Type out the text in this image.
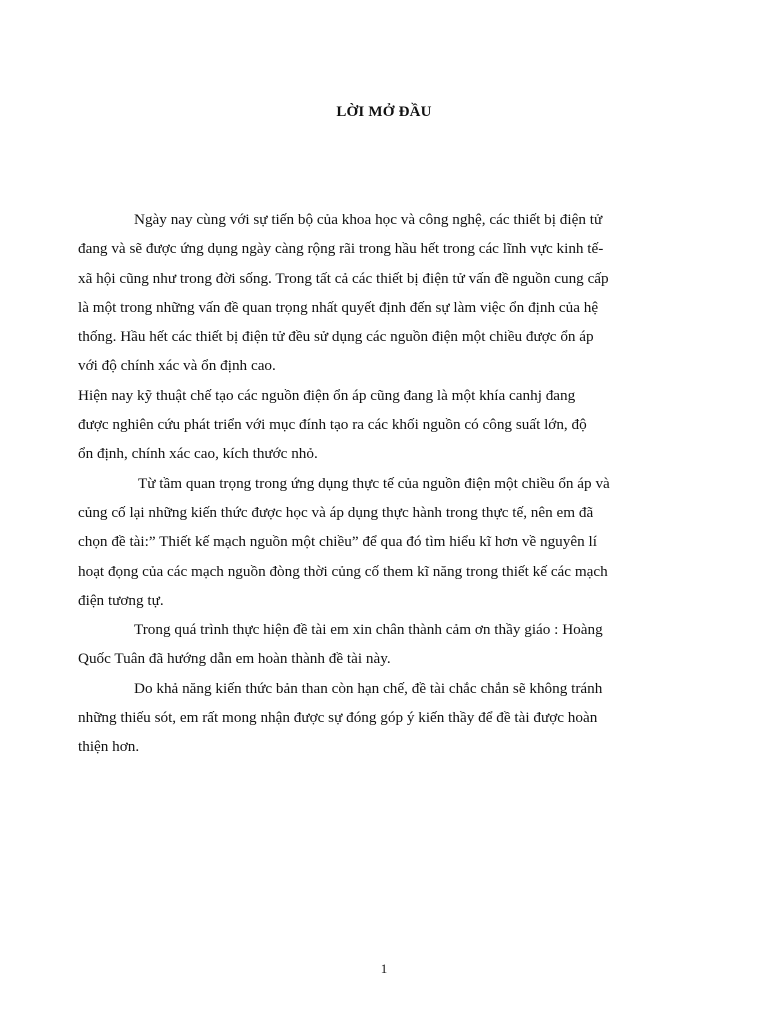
LỜI MỞ ĐẦU
Ngày nay cùng với sự tiến bộ của khoa học và công nghệ, các thiết bị điện tử
đang và sẽ được ứng dụng ngày càng rộng rãi trong hầu hết trong các lĩnh vực kinh tế-
xã hội cũng như trong đời sống. Trong tất cả các thiết bị điện tử vấn đề nguồn cung cấp
là một trong những vấn đề quan trọng nhất quyết định đến sự làm việc ổn định của hệ
thống. Hầu hết các thiết bị điện tử đều sử dụng các nguồn điện một chiều được ổn áp
với độ chính xác và ổn định cao.
Hiện nay kỹ thuật chế tạo các nguồn điện ổn áp cũng đang là một khía canhj đang
được nghiên cứu phát triển với mục đính tạo ra các khối nguồn có công suất lớn, độ
ổn định, chính xác cao, kích thước nhỏ.
Từ tầm quan trọng trong ứng dụng thực tế của nguồn điện một chiều ổn áp và
củng cố lại những kiến thức được học và áp dụng thực hành trong thực tế, nên em đã
chọn đề tài:” Thiết kế mạch nguồn một chiều” để qua đó tìm hiểu kĩ hơn về nguyên lí
hoạt đọng của các mạch nguồn đòng thời củng cố them kĩ năng trong thiết kế các mạch
điện tương tự.
Trong quá trình thực hiện đề tài em xin chân thành cảm ơn thầy giáo : Hoàng
Quốc Tuân đã hướng dẫn em hoàn thành đề tài này.
Do khả năng kiến thức bản than còn hạn chế, đề tài chắc chắn sẽ không tránh
những thiếu sót, em rất mong nhận được sự đóng góp ý kiến thầy để đề tài được hoàn
thiện hơn.
1
